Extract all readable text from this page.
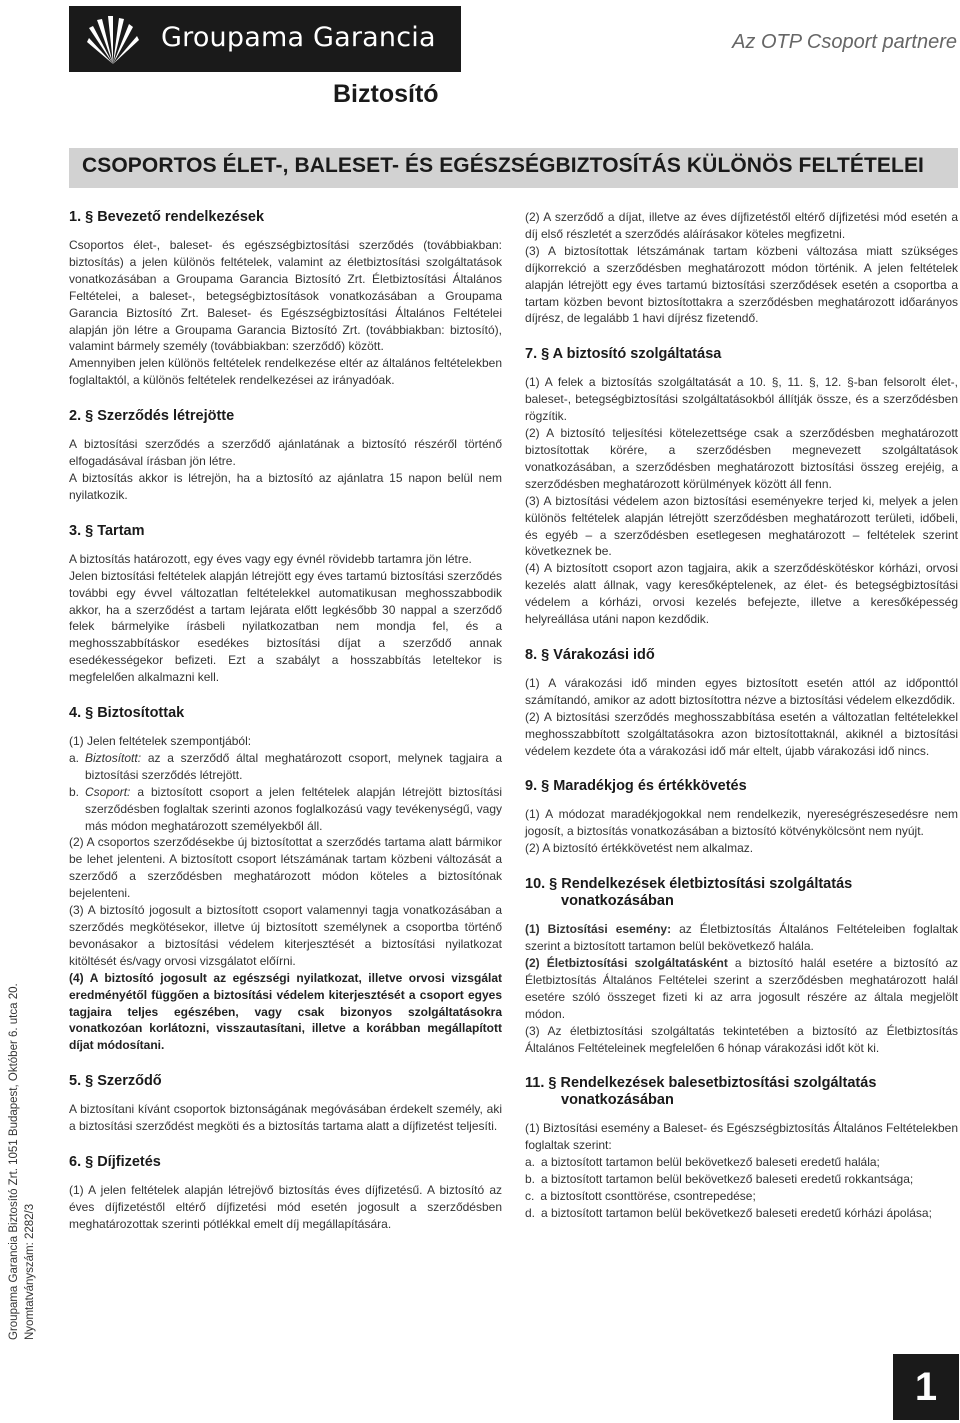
Groupama Garancia	Az OTP Csoport partnere
Biztosító
CSOPORTOS ÉLET-, BALESET- ÉS EGÉSZSÉGBIZTOSÍTÁS KÜLÖNÖS FELTÉTELEI
1. § Bevezető rendelkezések

Csoportos élet-, baleset- és egészségbiztosítási szerződés (továbbiakban: biztosítás) a jelen különös feltételek, valamint az életbiztosítási szolgáltatások vonatkozásában a Groupama Garancia Biztosító Zrt. Életbiztosítási Általános Feltételei, a baleset-, betegségbiztosítások vonatkozásában a Groupama Garancia Biztosító Zrt. Baleset- és Egészségbiztosítási Általános Feltételei alapján jön létre a Groupama Garancia Biztosító Zrt. (továbbiakban: biztosító), valamint bármely személy (továbbiakban: szerződő) között.

Amennyiben jelen különös feltételek rendelkezése eltér az általános feltételekben foglaltaktól, a különös feltételek rendelkezései az irányadóak.

2. § Szerződés létrejötte

A biztosítási szerződés a szerződő ajánlatának a biztosító részéről történő elfogadásával írásban jön létre.

A biztosítás akkor is létrejön, ha a biztosító az ajánlatra 15 napon belül nem nyilatkozik.

3. § Tartam

A biztosítás határozott, egy éves vagy egy évnél rövidebb tartamra jön létre.

Jelen biztosítási feltételek alapján létrejött egy éves tartamú biztosítási szerződés további egy évvel változatlan feltételekkel automatikusan meghosszabbodik akkor, ha a szerződést a tartam lejárata előtt legkésőbb 30 nappal a szerződő felek bármelyike írásbeli nyilatkozatban nem mondja fel, és a meghosszabbításkor esedékes biztosítási díjat a szerződő annak esedékességekor befizeti. Ezt a szabályt a hosszabbítás leteltekor is megfelelően alkalmazni kell.

4. § Biztosítottak

(1) Jelen feltételek szempontjából:

a. Biztosított: az a szerződő által meghatározott csoport, melynek tagjaira a biztosítási szerződés létrejött.

b. Csoport: a biztosított csoport a jelen feltételek alapján létrejött biztosítási szerződésben foglaltak szerinti azonos foglalkozású vagy tevékenységű, vagy más módon meghatározott személyekből áll.

(2) A csoportos szerződésekbe új biztosítottat a szerződés tartama alatt bármikor be lehet jelenteni. A biztosított csoport létszámának tartam közbeni változását a szerződő a szerződésben meghatározott módon köteles a biztosítónak bejelenteni.

(3) A biztosító jogosult a biztosított csoport valamennyi tagja vonatkozásában a szerződés megkötésekor, illetve új biztosított személynek a csoportba történő bevonásakor a biztosítási védelem kiterjesztését a biztosítási nyilatkozat kitöltését és/vagy orvosi vizsgálatot előírni.

(4) A biztosító jogosult az egészségi nyilatkozat, illetve orvosi vizsgálat eredményétől függően a biztosítási védelem kiterjesztését a csoport egyes tagjaira teljes egészében, vagy csak bizonyos szolgáltatásokra vonatkozóan korlátozni, visszautasítani, illetve a korábban megállapított díjat módosítani.

5. § Szerződő

A biztosítani kívánt csoportok biztonságának megóvásában érdekelt személy, aki a biztosítási szerződést megköti és a biztosítás tartama alatt a díjfizetést teljesíti.

6. § Díjfizetés

(1) A jelen feltételek alapján létrejövő biztosítás éves díjfizetésű. A biztosító az éves díjfizetéstől eltérő díjfizetési mód esetén jogosult a szerződésben meghatározottak szerinti pótlékkal emelt díj megállapítására.

(2) A szerződő a díjat, illetve az éves díjfizetéstől eltérő díjfizetési mód esetén a díj első részletét a szerződés aláírásakor köteles megfizetni.

(3) A biztosítottak létszámának tartam közbeni változása miatt szükséges díjkorrekció a szerződésben meghatározott módon történik. A jelen feltételek alapján létrejött egy éves tartamú biztosítási szerződések esetén a csoportba a tartam közben bevont biztosítottakra a szerződésben meghatározott időarányos díjrész, de legalább 1 havi díjrész fizetendő.

7. § A biztosító szolgáltatása

(1) A felek a biztosítás szolgáltatását a 10. §, 11. §, 12. §-ban felsorolt élet-, baleset-, betegségbiztosítási szolgáltatásokból állítják össze, és a szerződésben rögzítik.

(2) A biztosító teljesítési kötelezettsége csak a szerződésben meghatározott biztosítottak körére, a szerződésben megnevezett szolgáltatások vonatkozásában, a szerződésben meghatározott biztosítási összeg erejéig, a szerződésben meghatározott körülmények között áll fenn.

(3) A biztosítási védelem azon biztosítási eseményekre terjed ki, melyek a jelen különös feltételek alapján létrejött szerződésben meghatározott területi, időbeli, és egyéb – a szerződésben esetlegesen meghatározott – feltételek szerint következnek be.

(4) A biztosított csoport azon tagjaira, akik a szerződéskötéskor kórházi, orvosi kezelés alatt állnak, vagy keresőképtelenek, az élet- és betegségbiztosítási védelem a kórházi, orvosi kezelés befejezte, illetve a keresőképesség helyreállása utáni napon kezdődik.

8. § Várakozási idő

(1) A várakozási idő minden egyes biztosított esetén attól az időponttól számítandó, amikor az adott biztosítottra nézve a biztosítási védelem elkezdődik.

(2) A biztosítási szerződés meghosszabbítása esetén a változatlan feltételekkel meghosszabbított szolgáltatásokra azon biztosítottaknál, akiknél a biztosítási védelem kezdete óta a várakozási idő már eltelt, újabb várakozási idő nincs.

9. § Maradékjog és értékkövetés

(1) A módozat maradékjogokkal nem rendelkezik, nyereségrészesedésre nem jogosít, a biztosítás vonatkozásában a biztosító kötvénykölcsönt nem nyújt.

(2) A biztosító értékkövetést nem alkalmaz.

10. § Rendelkezések életbiztosítási szolgáltatás vonatkozásában

(1) Biztosítási esemény: az Életbiztosítás Általános Feltételeiben foglaltak szerint a biztosított tartamon belül bekövetkező halála.

(2) Életbiztosítási szolgáltatásként a biztosító halál esetére a biztosító az Életbiztosítás Általános Feltételei szerint a szerződésben meghatározott halál esetére szóló összeget fizeti ki az arra jogosult részére az általa megjelölt módon.

(3) Az életbiztosítási szolgáltatás tekintetében a biztosító az Életbiztosítás Általános Feltételeinek megfelelően 6 hónap várakozási időt köt ki.

11. § Rendelkezések balesetbiztosítási szolgáltatás vonatkozásában

(1) Biztosítási esemény a Baleset- és Egészségbiztosítás Általános Feltételekben foglaltak szerint:

a. a biztosított tartamon belül bekövetkező baleseti eredetű halála;

b. a biztosított tartamon belül bekövetkező baleseti eredetű rokkantsága;

c. a biztosított csonttörése, csontrepedése;

d. a biztosított tartamon belül bekövetkező baleseti eredetű kórházi ápolása;

Groupama Garancia Biztosító Zrt. 1051 Budapest, Október 6. utca 20. Nyomtatványszám: 2282/3
1
